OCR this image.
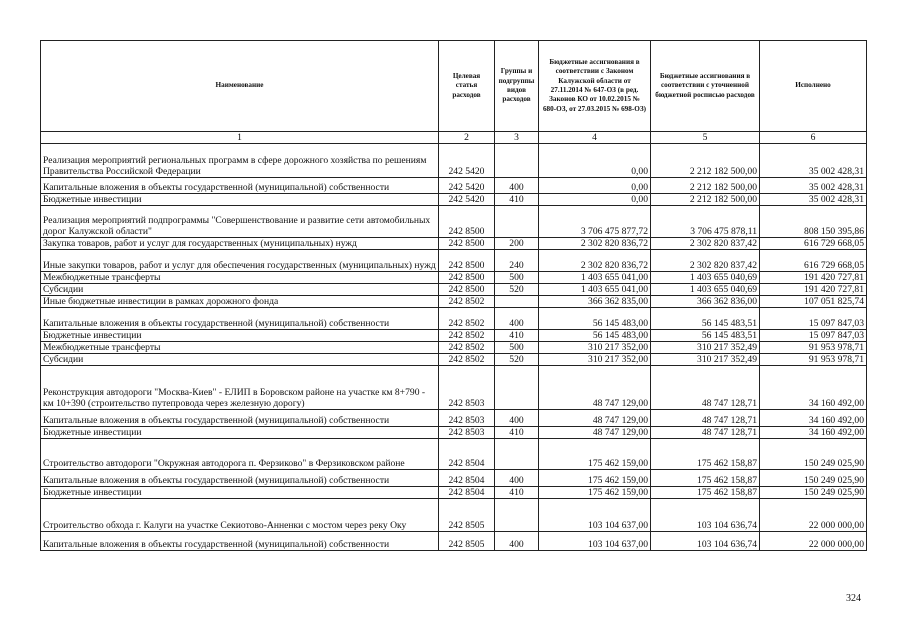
Наименование	Целевая статья расходов	Группы и подгруппы видов расходов	Бюджетные ассигнования в соответствии с Законом Калужской области от 27.11.2014 № 647-ОЗ (в ред. Законов КО от 10.02.2015 № 680-ОЗ, от 27.03.2015 № 698-ОЗ)	Бюджетные ассигнования в соответствии с уточненной бюджетной росписью расходов	Исполнено
1	2	3	4	5	6
Реализация мероприятий региональных программ в сфере дорожного хозяйства по решениям Правительства Российской Федерации	242 5420		0,00	2 212 182 500,00	35 002 428,31
Капитальные вложения в объекты государственной (муниципальной) собственности	242 5420	400	0,00	2 212 182 500,00	35 002 428,31
Бюджетные инвестиции	242 5420	410	0,00	2 212 182 500,00	35 002 428,31
Реализация мероприятий подпрограммы "Совершенствование и развитие сети автомобильных дорог Калужской области"	242 8500		3 706 475 877,72	3 706 475 878,11	808 150 395,86
Закупка товаров, работ и услуг для государственных (муниципальных) нужд	242 8500	200	2 302 820 836,72	2 302 820 837,42	616 729 668,05
Иные закупки товаров, работ и услуг для обеспечения государственных (муниципальных) нужд	242 8500	240	2 302 820 836,72	2 302 820 837,42	616 729 668,05
Межбюджетные трансферты	242 8500	500	1 403 655 041,00	1 403 655 040,69	191 420 727,81
Субсидии	242 8500	520	1 403 655 041,00	1 403 655 040,69	191 420 727,81
Иные бюджетные инвестиции в рамках дорожного фонда	242 8502		366 362 835,00	366 362 836,00	107 051 825,74
Капитальные вложения в объекты государственной (муниципальной) собственности	242 8502	400	56 145 483,00	56 145 483,51	15 097 847,03
Бюджетные инвестиции	242 8502	410	56 145 483,00	56 145 483,51	15 097 847,03
Межбюджетные трансферты	242 8502	500	310 217 352,00	310 217 352,49	91 953 978,71
Субсидии	242 8502	520	310 217 352,00	310 217 352,49	91 953 978,71
Реконструкция автодороги "Москва-Киев" - ЕЛИП в Боровском районе на участке км 8+790 - км 10+390 (строительство путепровода через железную дорогу)	242 8503		48 747 129,00	48 747 128,71	34 160 492,00
Капитальные вложения в объекты государственной (муниципальной) собственности	242 8503	400	48 747 129,00	48 747 128,71	34 160 492,00
Бюджетные инвестиции	242 8503	410	48 747 129,00	48 747 128,71	34 160 492,00
Строительство автодороги "Окружная автодорога п. Ферзиково" в Ферзиковском районе	242 8504		175 462 159,00	175 462 158,87	150 249 025,90
Капитальные вложения в объекты государственной (муниципальной) собственности	242 8504	400	175 462 159,00	175 462 158,87	150 249 025,90
Бюджетные инвестиции	242 8504	410	175 462 159,00	175 462 158,87	150 249 025,90
Строительство обхода г. Калуги на участке Секиотово-Анненки с мостом через реку Оку	242 8505		103 104 637,00	103 104 636,74	22 000 000,00
Капитальные вложения в объекты государственной (муниципальной) собственности	242 8505	400	103 104 637,00	103 104 636,74	22 000 000,00
324
